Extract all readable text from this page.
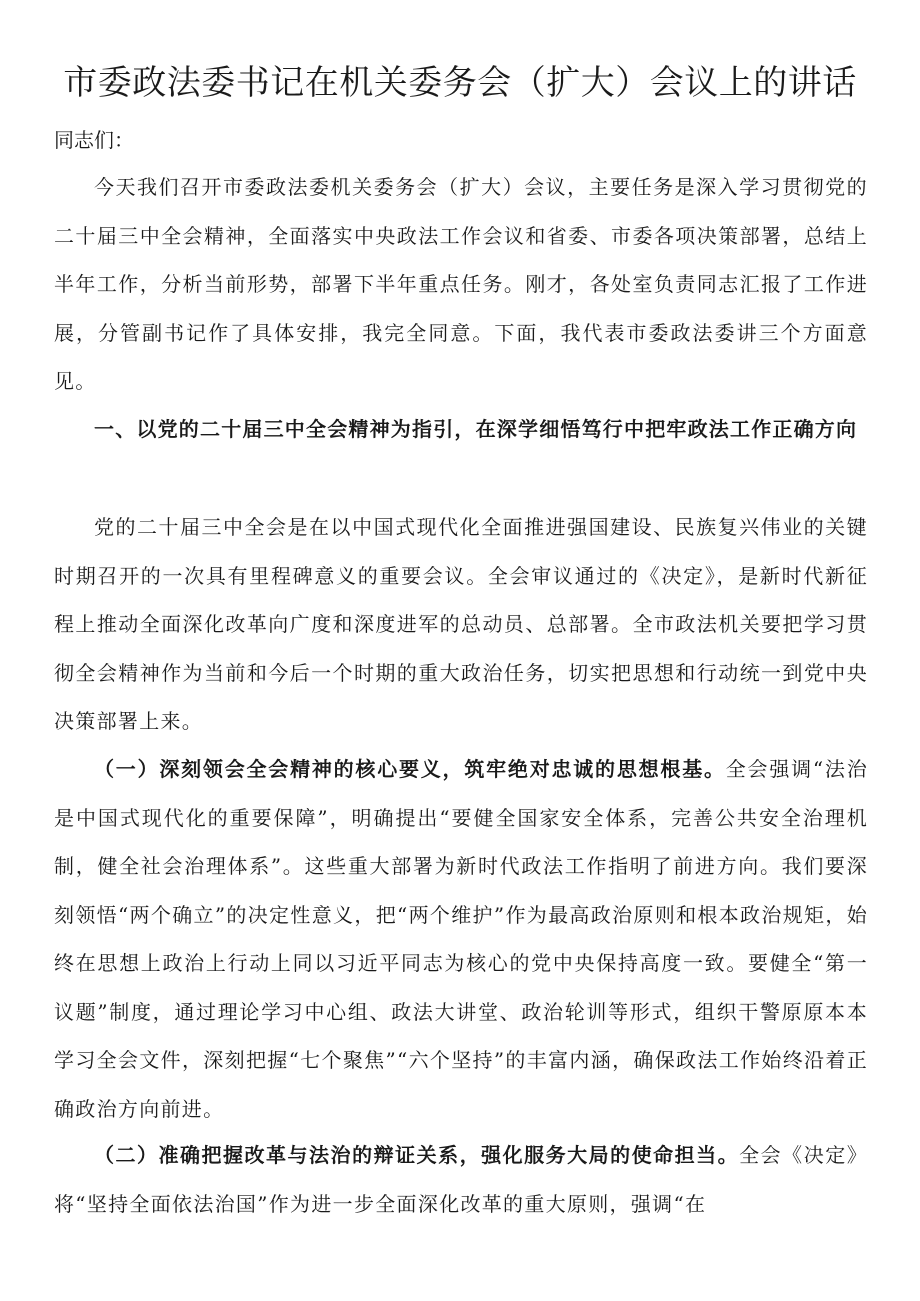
市委政法委书记在机关委务会（扩大）会议上的讲话

同志们：

今天我们召开市委政法委机关委务会（扩大）会议，主要任务是深入学习贯彻党的二十届三中全会精神，全面落实中央政法工作会议和省委、市委各项决策部署，总结上半年工作，分析当前形势，部署下半年重点任务。刚才，各处室负责同志汇报了工作进展，分管副书记作了具体安排，我完全同意。下面，我代表市委政法委讲三个方面意见。

一、以党的二十届三中全会精神为指引，在深学细悟笃行中把牢政法工作正确方向

党的二十届三中全会是在以中国式现代化全面推进强国建设、民族复兴伟业的关键时期召开的一次具有里程碑意义的重要会议。全会审议通过的《决定》，是新时代新征程上推动全面深化改革向广度和深度进军的总动员、总部署。全市政法机关要把学习贯彻全会精神作为当前和今后一个时期的重大政治任务，切实把思想和行动统一到党中央决策部署上来。

（一）深刻领会全会精神的核心要义，筑牢绝对忠诚的思想根基。全会强调“法治是中国式现代化的重要保障”，明确提出“要健全国家安全体系，完善公共安全治理机制，健全社会治理体系”。这些重大部署为新时代政法工作指明了前进方向。我们要深刻领悟“两个确立”的决定性意义，把“两个维护”作为最高政治原则和根本政治规矩，始终在思想上政治上行动上同以习近平同志为核心的党中央保持高度一致。要健全“第一议题”制度，通过理论学习中心组、政法大讲堂、政治轮训等形式，组织干警原原本本学习全会文件，深刻把握“七个聚焦”“六个坚持”的丰富内涵，确保政法工作始终沿着正确政治方向前进。

（二）准确把握改革与法治的辩证关系，强化服务大局的使命担当。全会《决定》将“坚持全面依法治国”作为进一步全面深化改革的重大原则，强调“在
